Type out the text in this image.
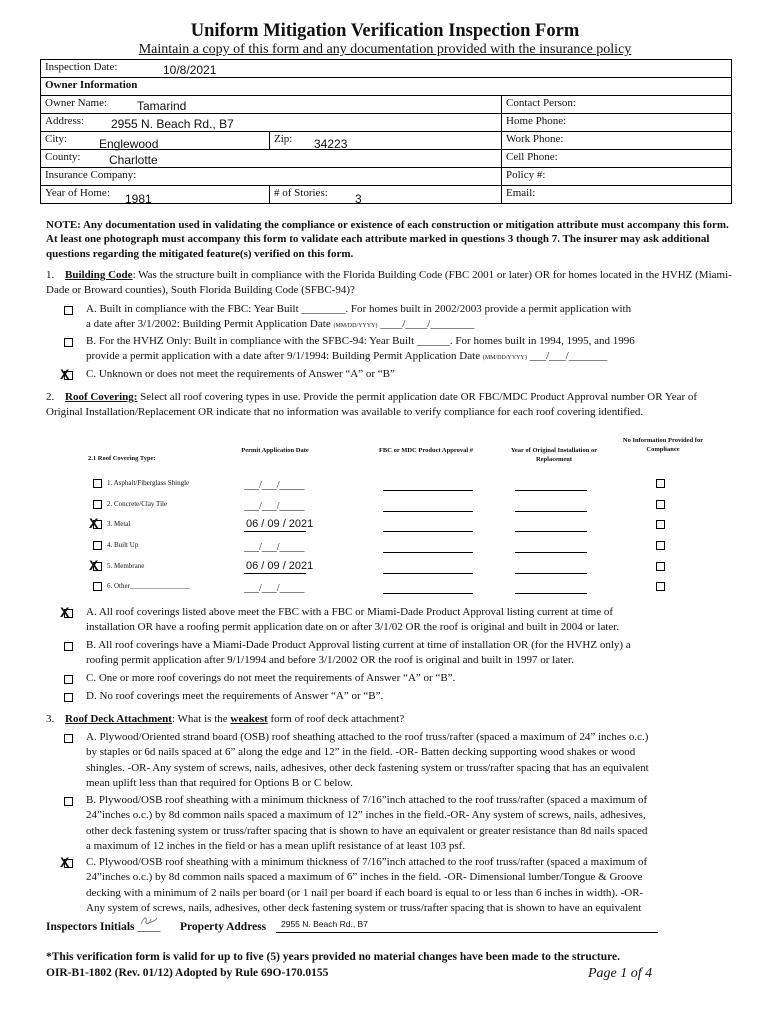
Uniform Mitigation Verification Inspection Form
Maintain a copy of this form and any documentation provided with the insurance policy
Inspection Date: 10/8/2021		

Owner Information		
Owner Name: Tamarind		Contact Person:
Address: 2955 N. Beach Rd., B7		Home Phone:
City: Englewood	Zip: 34223	Work Phone:
County: Charlotte		Cell Phone:
Insurance Company:		Policy #:
Year of Home: 1981	# of Stories: 3	Email:
NOTE: Any documentation used in validating the compliance or existence of each construction or mitigation attribute must accompany this form. At least one photograph must accompany this form to validate each attribute marked in questions 3 though 7. The insurer may ask additional questions regarding the mitigated feature(s) verified on this form.
1. Building Code: Was the structure built in compliance with the Florida Building Code (FBC 2001 or later) OR for homes located in the HVHZ (Miami-Dade or Broward counties), South Florida Building Code (SFBC-94)?
A. Built in compliance with the FBC: Year Built ________. For homes built in 2002/2003 provide a permit application with
a date after 3/1/2002: Building Permit Application Date (MM/DD/YYYY) ____/____/________
B. For the HVHZ Only: Built in compliance with the SFBC-94: Year Built ______. For homes built in 1994, 1995, and 1996
provide a permit application with a date after 9/1/1994: Building Permit Application Date (MM/DD/YYYY) ___/___/_______
X C. Unknown or does not meet the requirements of Answer “A” or “B”
2. Roof Covering: Select all roof covering types in use. Provide the permit application date OR FBC/MDC Product Approval number OR Year of Original Installation/Replacement OR indicate that no information was available to verify compliance for each roof covering identified.
2.1 Roof Covering Type:
Permit Application Date	FBC or MDC Product Approval #	Year of Original Installation or Replacement
No Information Provided for Compliance
1. Asphalt/Fiberglass Shingle	___/___/_____
2. Concrete/Clay Tile	___/___/_____
X 3. Metal	06 / 09 / 2021
4. Built Up	___/___/_____
X 5. Membrane	06 / 09 / 2021
6. Other_________________	___/___/_____
X A. All roof coverings listed above meet the FBC with a FBC or Miami-Dade Product Approval listing current at time of
installation OR have a roofing permit application date on or after 3/1/02 OR the roof is original and built in 2004 or later.
B. All roof coverings have a Miami-Dade Product Approval listing current at time of installation OR (for the HVHZ only) a
roofing permit application after 9/1/1994 and before 3/1/2002 OR the roof is original and built in 1997 or later.
C. One or more roof coverings do not meet the requirements of Answer “A” or “B”.
D. No roof coverings meet the requirements of Answer “A” or “B”.
3. Roof Deck Attachment: What is the weakest form of roof deck attachment?
A. Plywood/Oriented strand board (OSB) roof sheathing attached to the roof truss/rafter (spaced a maximum of 24” inches o.c.)
by staples or 6d nails spaced at 6” along the edge and 12” in the field. -OR- Batten decking supporting wood shakes or wood
shingles. -OR- Any system of screws, nails, adhesives, other deck fastening system or truss/rafter spacing that has an equivalent
mean uplift less than that required for Options B or C below.
B. Plywood/OSB roof sheathing with a minimum thickness of 7/16”inch attached to the roof truss/rafter (spaced a maximum of
24”inches o.c.) by 8d common nails spaced a maximum of 12” inches in the field.-OR- Any system of screws, nails, adhesives,
other deck fastening system or truss/rafter spacing that is shown to have an equivalent or greater resistance than 8d nails spaced
a maximum of 12 inches in the field or has a mean uplift resistance of at least 103 psf.
X C. Plywood/OSB roof sheathing with a minimum thickness of 7/16”inch attached to the roof truss/rafter (spaced a maximum of
24”inches o.c.) by 8d common nails spaced a maximum of 6” inches in the field. -OR- Dimensional lumber/Tongue & Groove
decking with a minimum of 2 nails per board (or 1 nail per board if each board is equal to or less than 6 inches in width). -OR-
Any system of screws, nails, adhesives, other deck fastening system or truss/rafter spacing that is shown to have an equivalent
Inspectors Initials ____ Property Address 2955 N. Beach Rd., B7
*This verification form is valid for up to five (5) years provided no material changes have been made to the structure.
OIR-B1-1802 (Rev. 01/12) Adopted by Rule 69O-170.0155	Page 1 of 4
